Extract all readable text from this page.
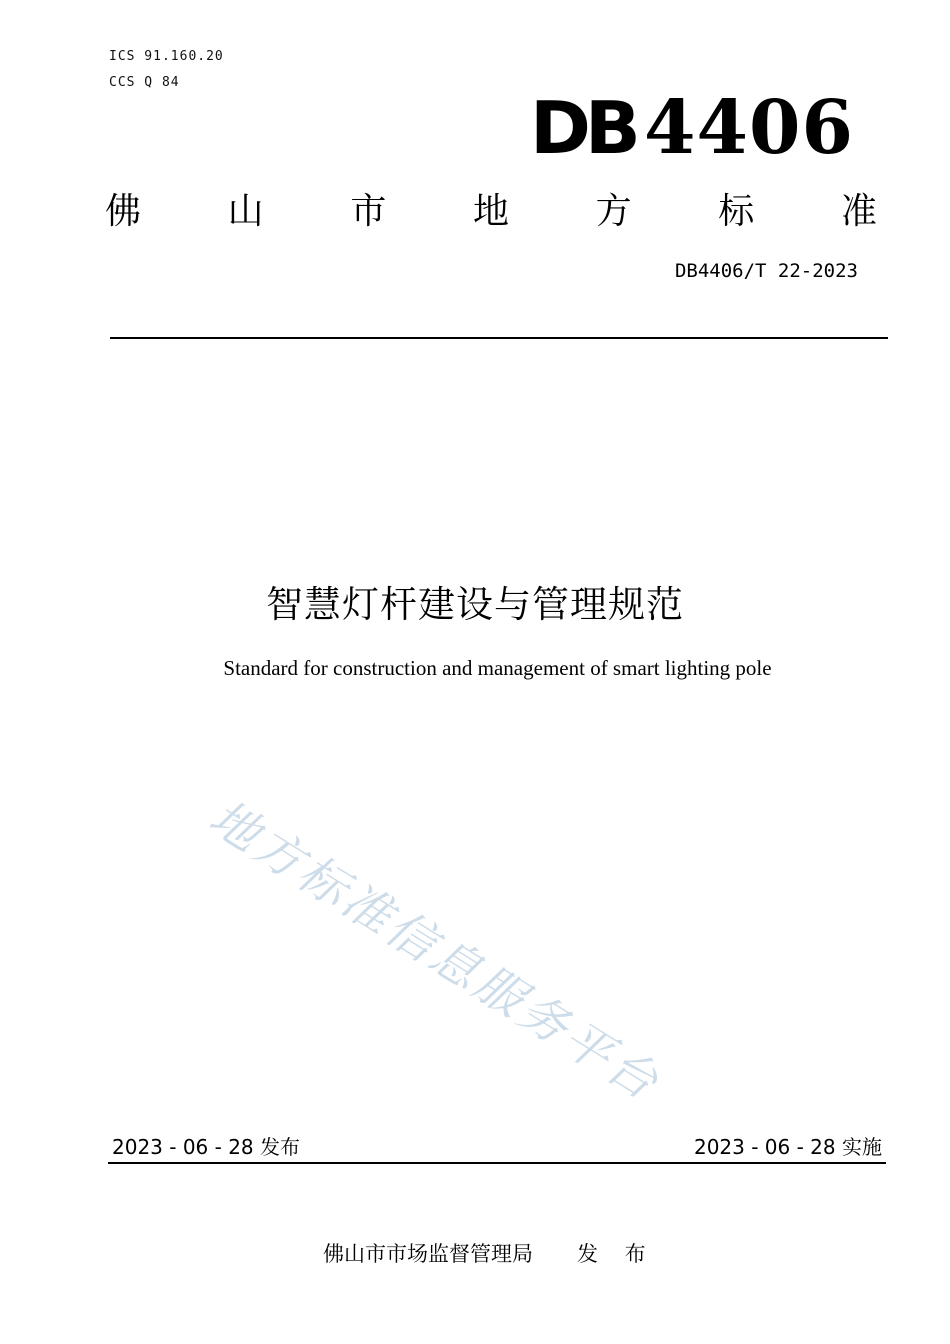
ICS 91.160.20
CCS Q 84
DB 4406
佛 山 市 地 方 标 准
DB4406/T 22-2023
智慧灯杆建设与管理规范
Standard for construction and management of smart lighting pole
地方标准信息服务平台
2023 - 06 - 28 发布	2023 - 06 - 28 实施
佛山市市场监督管理局 发 布
